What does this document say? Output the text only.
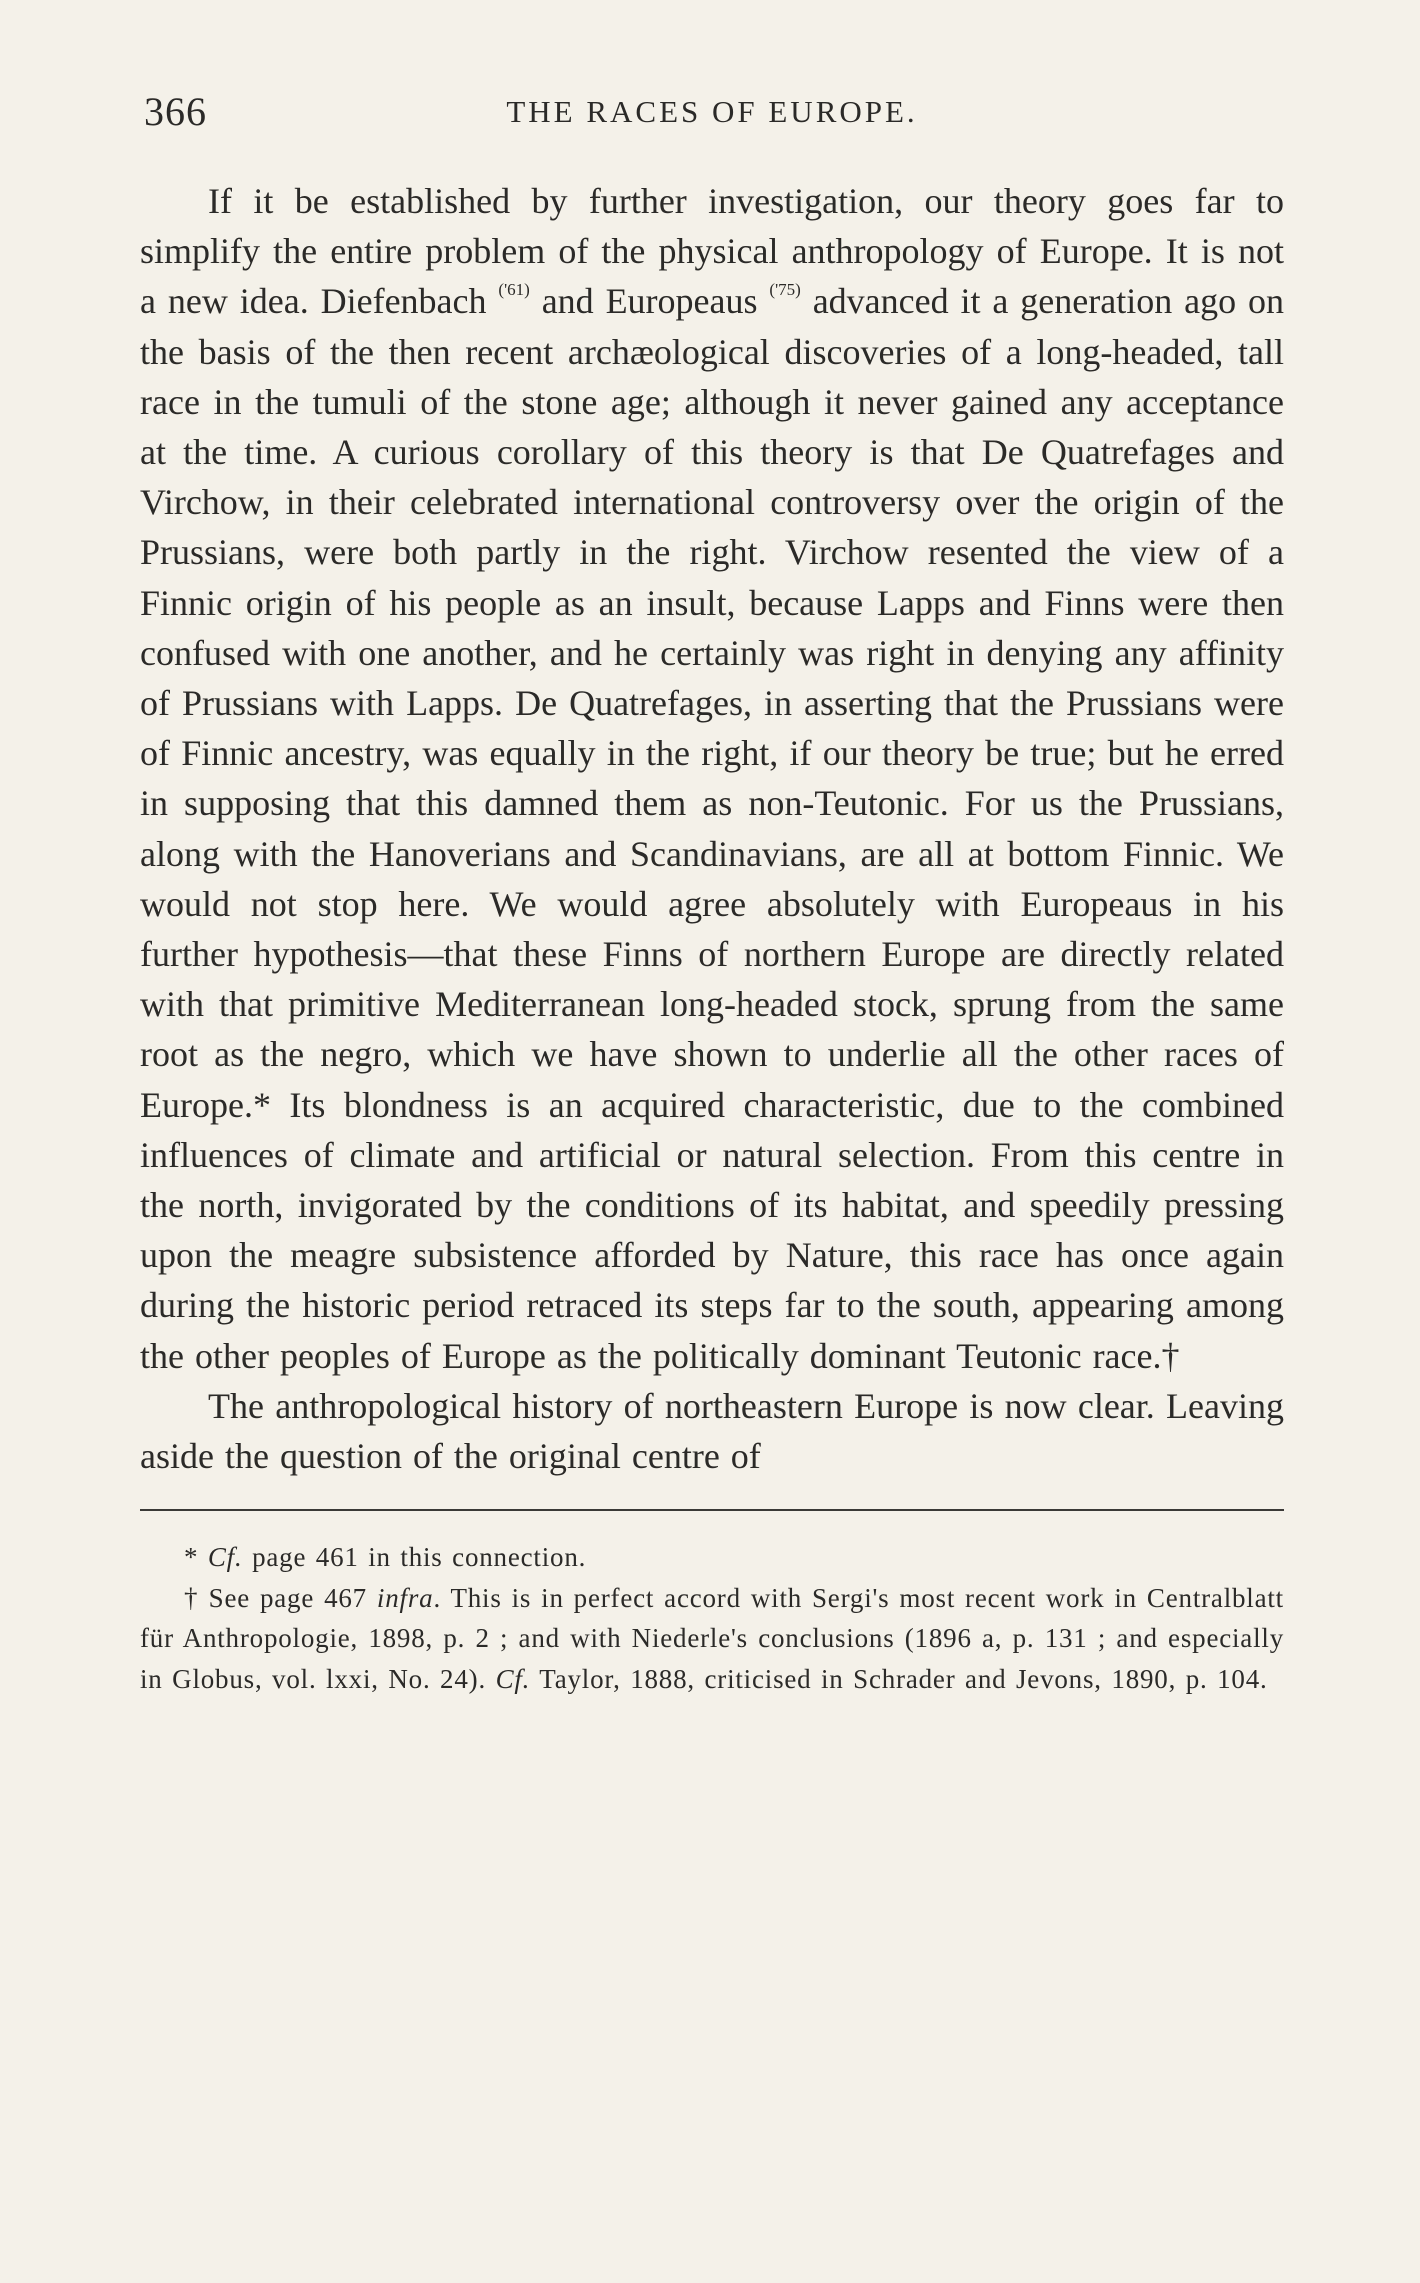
366	THE RACES OF EUROPE.

If it be established by further investigation, our theory goes far to simplify the entire problem of the physical anthropology of Europe. It is not a new idea. Diefenbach $^{('61)}$ and Europeaus $^{('75)}$ advanced it a generation ago on the basis of the then recent archæological discoveries of a long-headed, tall race in the tumuli of the stone age; although it never gained any acceptance at the time. A curious corollary of this theory is that De Quatrefages and Virchow, in their celebrated international controversy over the origin of the Prussians, were both partly in the right. Virchow resented the view of a Finnic origin of his people as an insult, because Lapps and Finns were then confused with one another, and he certainly was right in denying any affinity of Prussians with Lapps. De Quatrefages, in asserting that the Prussians were of Finnic ancestry, was equally in the right, if our theory be true; but he erred in supposing that this damned them as non-Teutonic. For us the Prussians, along with the Hanoverians and Scandinavians, are all at bottom Finnic. We would not stop here. We would agree absolutely with Europeaus in his further hypothesis—that these Finns of northern Europe are directly related with that primitive Mediterranean long-headed stock, sprung from the same root as the negro, which we have shown to underlie all the other races of Europe.* Its blondness is an acquired characteristic, due to the combined influences of climate and artificial or natural selection. From this centre in the north, invigorated by the conditions of its habitat, and speedily pressing upon the meagre subsistence afforded by Nature, this race has once again during the historic period retraced its steps far to the south, appearing among the other peoples of Europe as the politically dominant Teutonic race.†

The anthropological history of northeastern Europe is now clear. Leaving aside the question of the original centre of

* Cf. page 461 in this connection.

† See page 467 infra. This is in perfect accord with Sergi's most recent work in Centralblatt für Anthropologie, 1898, p. 2 ; and with Niederle's conclusions (1896 a, p. 131 ; and especially in Globus, vol. lxxi, No. 24). Cf. Taylor, 1888, criticised in Schrader and Jevons, 1890, p. 104.
